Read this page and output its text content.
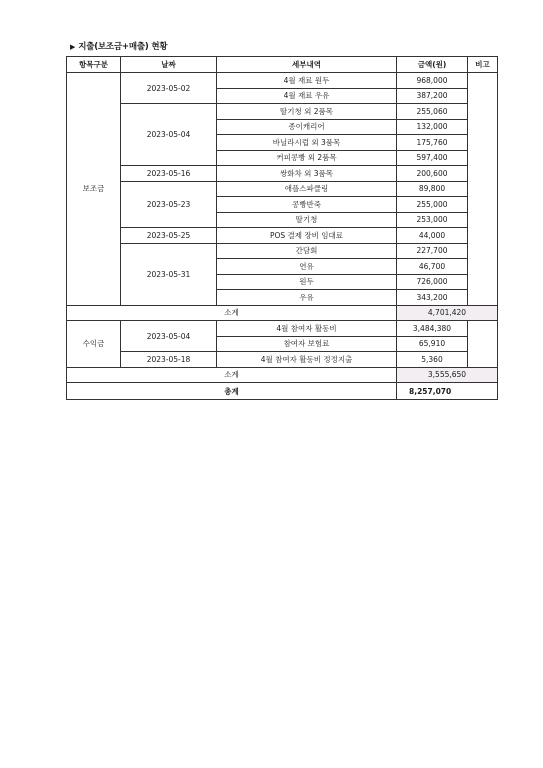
▶ 지출(보조금+매출) 현황
항목구분	날짜	세부내역	금액(원)	비고
보조금	2023-05-02	4월 재료 원두	968,000	
		4월 재료 우유	387,200	
	2023-05-04	딸기청 외 2품목	255,060	
		종이캐리어	132,000	
		바닐라시럽 외 3품목	175,760	
		커피콩빵 외 2품목	597,400	
	2023-05-16	쌍화차 외 3품목	200,600	
	2023-05-23	애플스파클링	89,800	
		콩빵반죽	255,000	
		딸기청	253,000	
	2023-05-25	POS 결제 장비 임대료	44,000	
	2023-05-31	간담회	227,700	
		연유	46,700	
		원두	726,000	
		우유	343,200	
소계			4,701,420	
수익금	2023-05-04	4월 참여자 활동비	3,484,380	
		참여자 보험료	65,910	
	2023-05-18	4월 참여자 활동비 정정지출	5,360	
소계			3,555,650	
총계			8,257,070	
